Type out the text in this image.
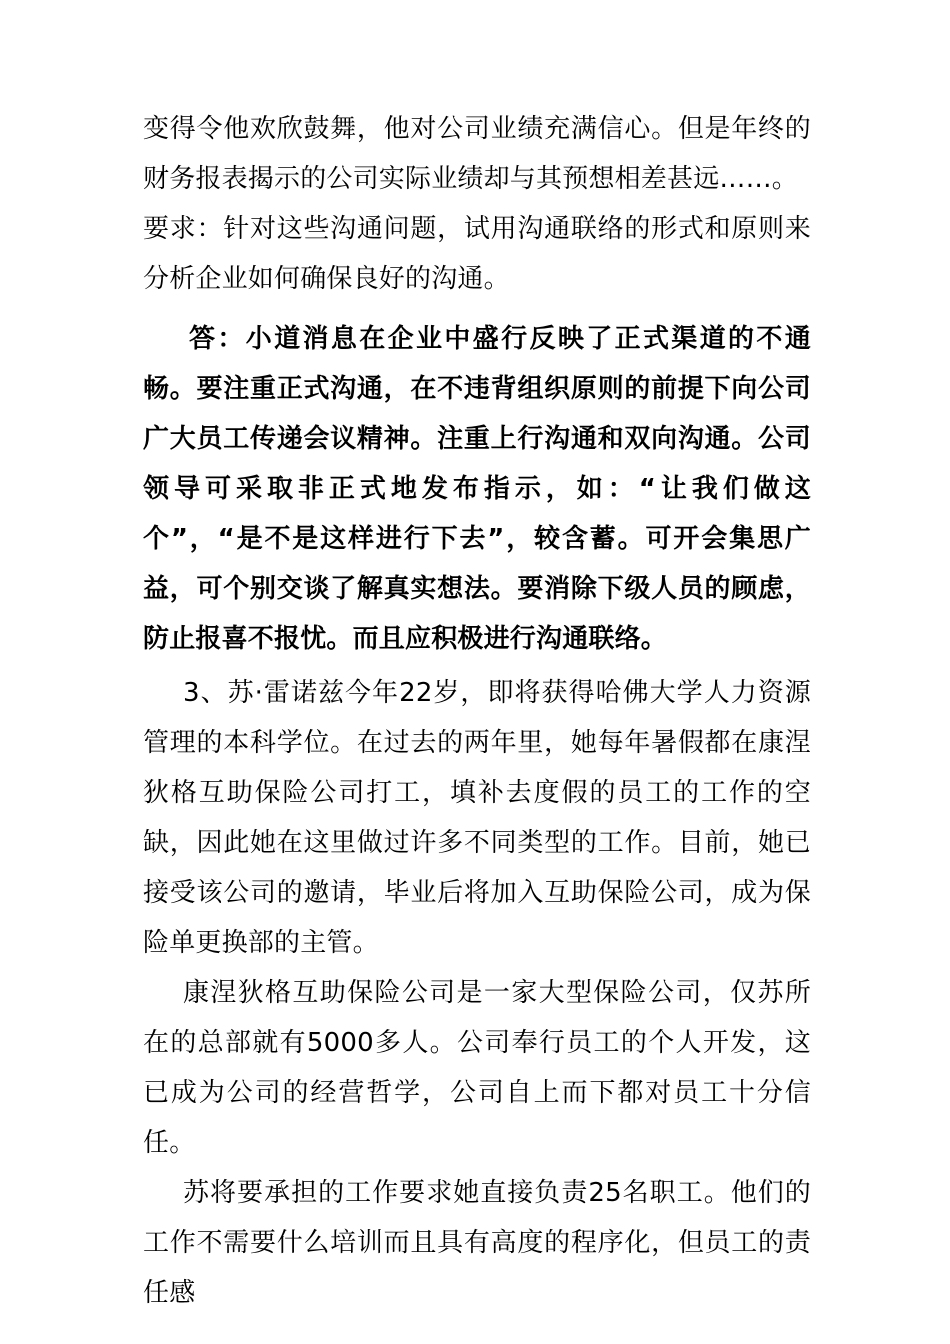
变得令他欢欣鼓舞，他对公司业绩充满信心。但是年终的财务报表揭示的公司实际业绩却与其预想相差甚远……。

要求：针对这些沟通问题，试用沟通联络的形式和原则来分析企业如何确保良好的沟通。

答：小道消息在企业中盛行反映了正式渠道的不通畅。要注重正式沟通，在不违背组织原则的前提下向公司广大员工传递会议精神。注重上行沟通和双向沟通。公司领导可采取非正式地发布指示，如：“让我们做这个”，“是不是这样进行下去”，较含蓄。可开会集思广益，可个别交谈了解真实想法。要消除下级人员的顾虑，防止报喜不报忧。而且应积极进行沟通联络。

3、苏·雷诺兹今年22岁，即将获得哈佛大学人力资源管理的本科学位。在过去的两年里，她每年暑假都在康涅狄格互助保险公司打工，填补去度假的员工的工作的空缺，因此她在这里做过许多不同类型的工作。目前，她已接受该公司的邀请，毕业后将加入互助保险公司，成为保险单更换部的主管。

康涅狄格互助保险公司是一家大型保险公司，仅苏所在的总部就有5000多人。公司奉行员工的个人开发，这已成为公司的经营哲学，公司自上而下都对员工十分信任。

苏将要承担的工作要求她直接负责25名职工。他们的工作不需要什么培训而且具有高度的程序化，但员工的责任感
